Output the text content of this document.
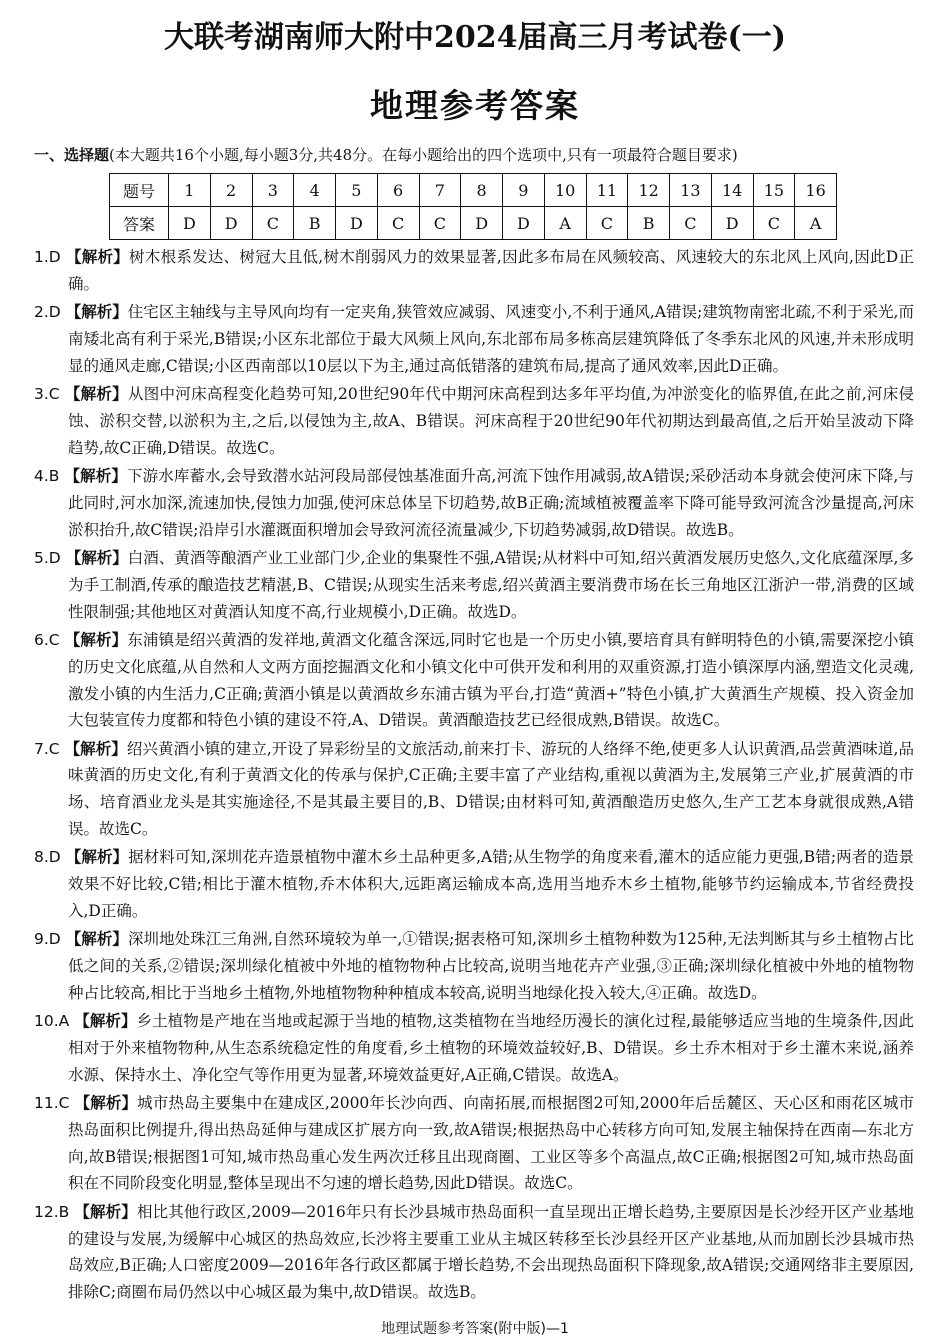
大联考湖南师大附中2024届高三月考试卷(一)
地理参考答案
一、选择题(本大题共16个小题,每小题3分,共48分。在每小题给出的四个选项中,只有一项最符合题目要求)
题号	1	2	3	4	5	6	7	8	9	10	11	12	13	14	15	16
答案	D	D	C	B	D	C	C	D	D	A	C	B	C	D	C	A
1.D 【解析】树木根系发达、树冠大且低,树木削弱风力的效果显著,因此多布局在风频较高、风速较大的东北风上风向,因此D正确。
2.D 【解析】住宅区主轴线与主导风向均有一定夹角,狭管效应减弱、风速变小,不利于通风,A错误;建筑物南密北疏,不利于采光,而南矮北高有利于采光,B错误;小区东北部位于最大风频上风向,东北部布局多栋高层建筑降低了冬季东北风的风速,并未形成明显的通风走廊,C错误;小区西南部以10层以下为主,通过高低错落的建筑布局,提高了通风效率,因此D正确。
3.C 【解析】从图中河床高程变化趋势可知,20世纪90年代中期河床高程到达多年平均值,为冲淤变化的临界值,在此之前,河床侵蚀、淤积交替,以淤积为主,之后,以侵蚀为主,故A、B错误。河床高程于20世纪90年代初期达到最高值,之后开始呈波动下降趋势,故C正确,D错误。故选C。
4.B 【解析】下游水库蓄水,会导致潜水站河段局部侵蚀基准面升高,河流下蚀作用减弱,故A错误;采砂活动本身就会使河床下降,与此同时,河水加深,流速加快,侵蚀力加强,使河床总体呈下切趋势,故B正确;流域植被覆盖率下降可能导致河流含沙量提高,河床淤积抬升,故C错误;沿岸引水灌溉面积增加会导致河流径流量减少,下切趋势减弱,故D错误。故选B。
5.D 【解析】白酒、黄酒等酿酒产业工业部门少,企业的集聚性不强,A错误;从材料中可知,绍兴黄酒发展历史悠久,文化底蕴深厚,多为手工制酒,传承的酿造技艺精湛,B、C错误;从现实生活来考虑,绍兴黄酒主要消费市场在长三角地区江浙沪一带,消费的区域性限制强;其他地区对黄酒认知度不高,行业规模小,D正确。故选D。
6.C 【解析】东浦镇是绍兴黄酒的发祥地,黄酒文化蕴含深远,同时它也是一个历史小镇,要培育具有鲜明特色的小镇,需要深挖小镇的历史文化底蕴,从自然和人文两方面挖掘酒文化和小镇文化中可供开发和利用的双重资源,打造小镇深厚内涵,塑造文化灵魂,激发小镇的内生活力,C正确;黄酒小镇是以黄酒故乡东浦古镇为平台,打造“黄酒+”特色小镇,扩大黄酒生产规模、投入资金加大包装宣传力度都和特色小镇的建设不符,A、D错误。黄酒酿造技艺已经很成熟,B错误。故选C。
7.C 【解析】绍兴黄酒小镇的建立,开设了异彩纷呈的文旅活动,前来打卡、游玩的人络绎不绝,使更多人认识黄酒,品尝黄酒味道,品味黄酒的历史文化,有利于黄酒文化的传承与保护,C正确;主要丰富了产业结构,重视以黄酒为主,发展第三产业,扩展黄酒的市场、培育酒业龙头是其实施途径,不是其最主要目的,B、D错误;由材料可知,黄酒酿造历史悠久,生产工艺本身就很成熟,A错误。故选C。
8.D 【解析】据材料可知,深圳花卉造景植物中灌木乡土品种更多,A错;从生物学的角度来看,灌木的适应能力更强,B错;两者的造景效果不好比较,C错;相比于灌木植物,乔木体积大,远距离运输成本高,选用当地乔木乡土植物,能够节约运输成本,节省经费投入,D正确。
9.D 【解析】深圳地处珠江三角洲,自然环境较为单一,①错误;据表格可知,深圳乡土植物种数为125种,无法判断其与乡土植物占比低之间的关系,②错误;深圳绿化植被中外地的植物物种占比较高,说明当地花卉产业强,③正确;深圳绿化植被中外地的植物物种占比较高,相比于当地乡土植物,外地植物物种种植成本较高,说明当地绿化投入较大,④正确。故选D。
10.A 【解析】乡土植物是产地在当地或起源于当地的植物,这类植物在当地经历漫长的演化过程,最能够适应当地的生境条件,因此相对于外来植物物种,从生态系统稳定性的角度看,乡土植物的环境效益较好,B、D错误。乡土乔木相对于乡土灌木来说,涵养水源、保持水土、净化空气等作用更为显著,环境效益更好,A正确,C错误。故选A。
11.C 【解析】城市热岛主要集中在建成区,2000年长沙向西、向南拓展,而根据图2可知,2000年后岳麓区、天心区和雨花区城市热岛面积比例提升,得出热岛延伸与建成区扩展方向一致,故A错误;根据热岛中心转移方向可知,发展主轴保持在西南—东北方向,故B错误;根据图1可知,城市热岛重心发生两次迁移且出现商圈、工业区等多个高温点,故C正确;根据图2可知,城市热岛面积在不同阶段变化明显,整体呈现出不匀速的增长趋势,因此D错误。故选C。
12.B 【解析】相比其他行政区,2009—2016年只有长沙县城市热岛面积一直呈现出正增长趋势,主要原因是长沙经开区产业基地的建设与发展,为缓解中心城区的热岛效应,长沙将主要重工业从主城区转移至长沙县经开区产业基地,从而加剧长沙县城市热岛效应,B正确;人口密度2009—2016年各行政区都属于增长趋势,不会出现热岛面积下降现象,故A错误;交通网络非主要原因,排除C;商圈布局仍然以中心城区最为集中,故D错误。故选B。
地理试题参考答案(附中版)—1
